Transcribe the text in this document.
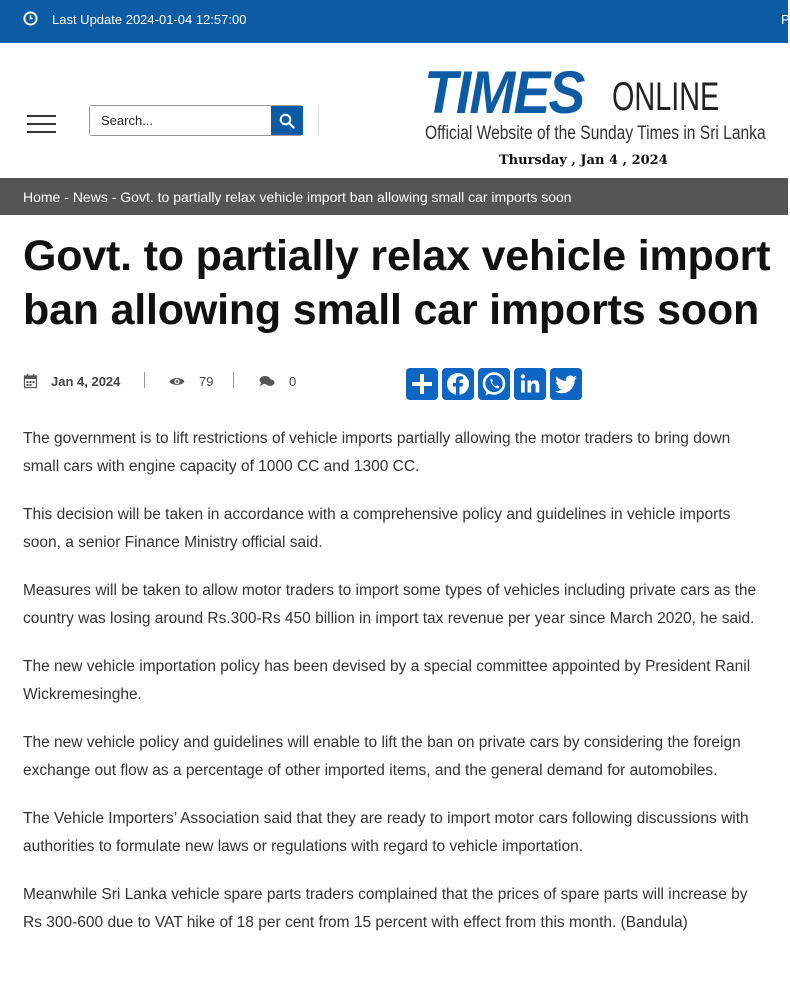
Last Update 2024-01-04 12:57:00	P
Search...
TIMES ONLINE
Official Website of the Sunday Times in Sri Lanka
Thursday , Jan 4 , 2024
Home - News - Govt. to partially relax vehicle import ban allowing small car imports soon
Govt. to partially relax vehicle import ban allowing small car imports soon
Jan 4, 2024	79	0

The government is to lift restrictions of vehicle imports partially allowing the motor traders to bring down small cars with engine capacity of 1000 CC and 1300 CC.

This decision will be taken in accordance with a comprehensive policy and guidelines in vehicle imports soon, a senior Finance Ministry official said.

Measures will be taken to allow motor traders to import some types of vehicles including private cars as the country was losing around Rs.300-Rs 450 billion in import tax revenue per year since March 2020, he said.

The new vehicle importation policy has been devised by a special committee appointed by President Ranil Wickremesinghe.

The new vehicle policy and guidelines will enable to lift the ban on private cars by considering the foreign exchange out flow as a percentage of other imported items, and the general demand for automobiles.

The Vehicle Importers’ Association said that they are ready to import motor cars following discussions with authorities to formulate new laws or regulations with regard to vehicle importation.

Meanwhile Sri Lanka vehicle spare parts traders complained that the prices of spare parts will increase by Rs 300-600 due to VAT hike of 18 per cent from 15 percent with effect from this month. (Bandula)
